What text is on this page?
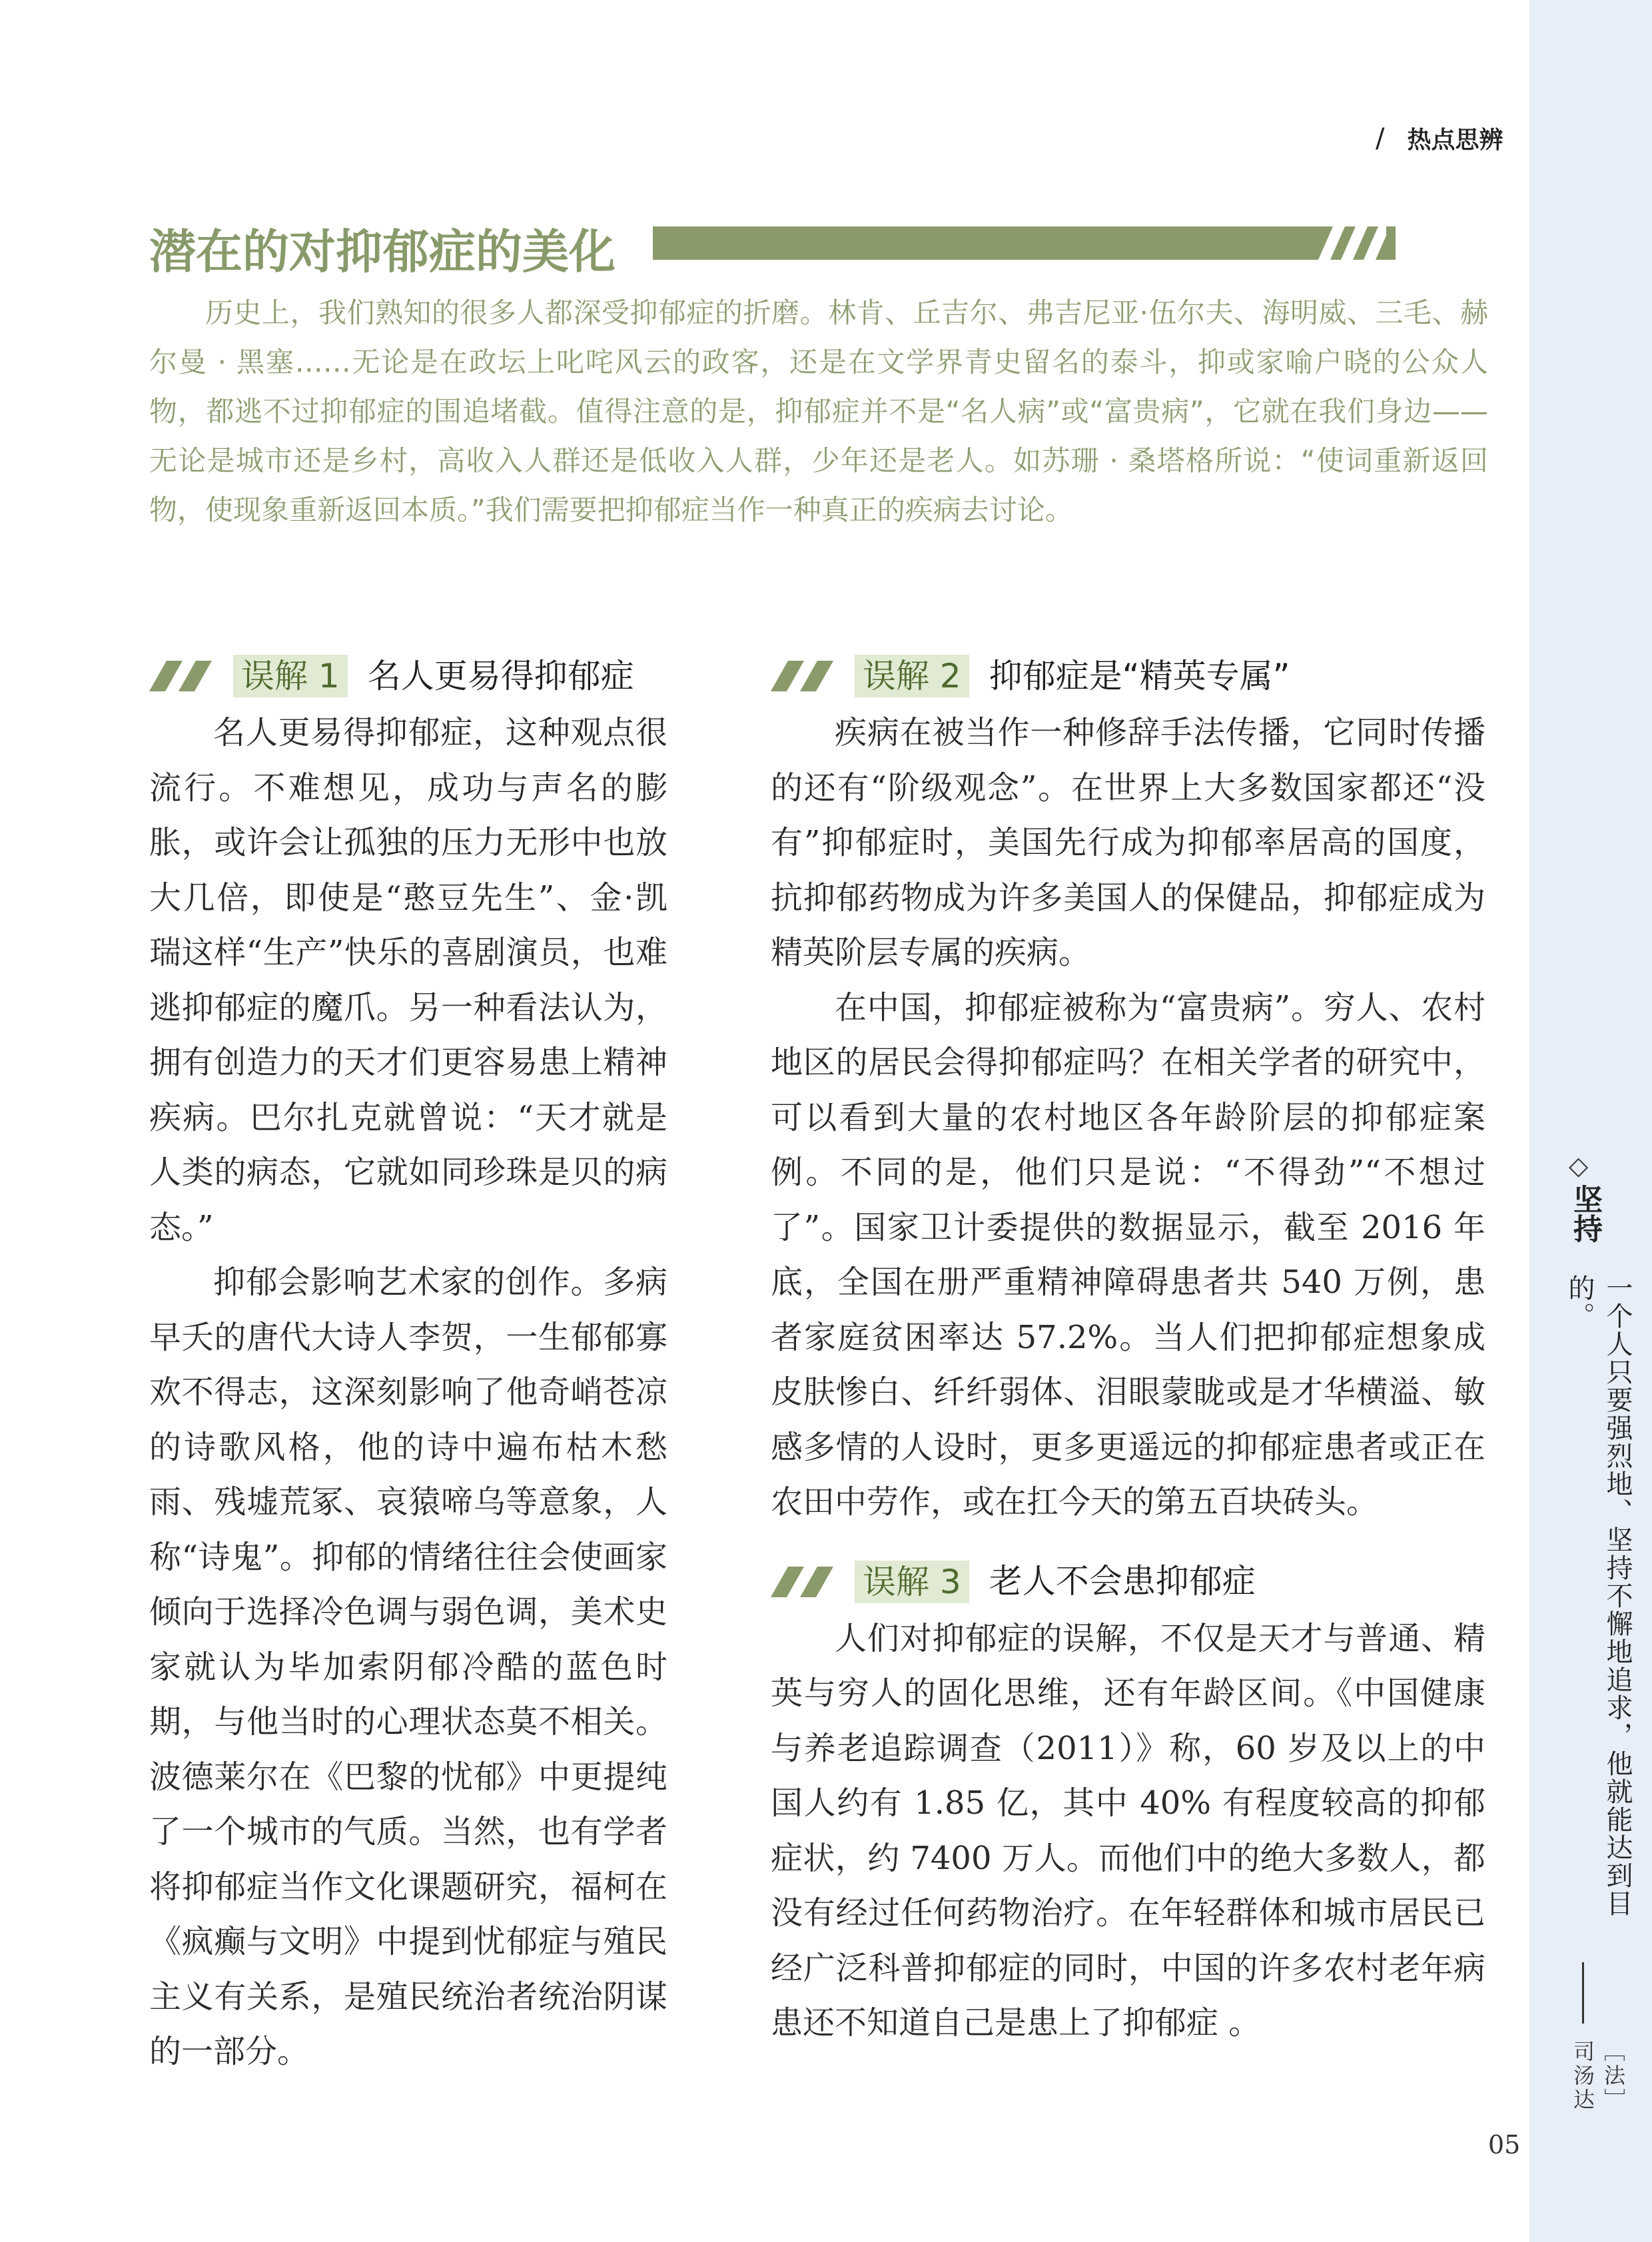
/ 热点思辨
潜在的对抑郁症的美化

历史上，我们熟知的很多人都深受抑郁症的折磨。林肯、丘吉尔、弗吉尼亚·伍尔夫、海明威、三毛、赫尔曼 · 黑塞……无论是在政坛上叱咤风云的政客，还是在文学界青史留名的泰斗，抑或家喻户晓的公众人物，都逃不过抑郁症的围追堵截。值得注意的是，抑郁症并不是“名人病”或“富贵病”，它就在我们身边——无论是城市还是乡村，高收入人群还是低收入人群，少年还是老人。如苏珊 · 桑塔格所说：“使词重新返回物，使现象重新返回本质。”我们需要把抑郁症当作一种真正的疾病去讨论。

误解 1 名人更易得抑郁症

名人更易得抑郁症，这种观点很流行。不难想见，成功与声名的膨胀，或许会让孤独的压力无形中也放大几倍，即使是“憨豆先生”、金·凯瑞这样“生产”快乐的喜剧演员，也难逃抑郁症的魔爪。另一种看法认为，拥有创造力的天才们更容易患上精神疾病。巴尔扎克就曾说：“天才就是人类的病态，它就如同珍珠是贝的病态。”

抑郁会影响艺术家的创作。多病早夭的唐代大诗人李贺，一生郁郁寡欢不得志，这深刻影响了他奇峭苍凉的诗歌风格，他的诗中遍布枯木愁雨、残墟荒冢、哀猿啼乌等意象，人称“诗鬼”。抑郁的情绪往往会使画家倾向于选择冷色调与弱色调，美术史家就认为毕加索阴郁冷酷的蓝色时期，与他当时的心理状态莫不相关。波德莱尔在《巴黎的忧郁》中更提纯了一个城市的气质。当然，也有学者将抑郁症当作文化课题研究，福柯在《疯癫与文明》中提到忧郁症与殖民主义有关系，是殖民统治者统治阴谋的一部分。

误解 2 抑郁症是“精英专属”

疾病在被当作一种修辞手法传播，它同时传播的还有“阶级观念”。在世界上大多数国家都还“没有”抑郁症时，美国先行成为抑郁率居高的国度，抗抑郁药物成为许多美国人的保健品，抑郁症成为精英阶层专属的疾病。

在中国，抑郁症被称为“富贵病”。穷人、农村地区的居民会得抑郁症吗？在相关学者的研究中，可以看到大量的农村地区各年龄阶层的抑郁症案例。不同的是，他们只是说：“不得劲”“不想过了”。国家卫计委提供的数据显示，截至 2016 年底，全国在册严重精神障碍患者共 540 万例，患者家庭贫困率达 57.2%。当人们把抑郁症想象成皮肤惨白、纤纤弱体、泪眼蒙眬或是才华横溢、敏感多情的人设时，更多更遥远的抑郁症患者或正在农田中劳作，或在扛今天的第五百块砖头。

误解 3 老人不会患抑郁症

人们对抑郁症的误解，不仅是天才与普通、精英与穷人的固化思维，还有年龄区间。《中国健康与养老追踪调查（2011）》称，60 岁及以上的中国人约有 1.85 亿，其中 40% 有程度较高的抑郁症状，约 7400 万人。而他们中的绝大多数人，都没有经过任何药物治疗。在年轻群体和城市居民已经广泛科普抑郁症的同时，中国的许多农村老年病患还不知道自己是患上了抑郁症 。

◇
坚持
一个人只要强烈地、坚持不懈地追求，他就能达到目的。
［法］司汤达
05
